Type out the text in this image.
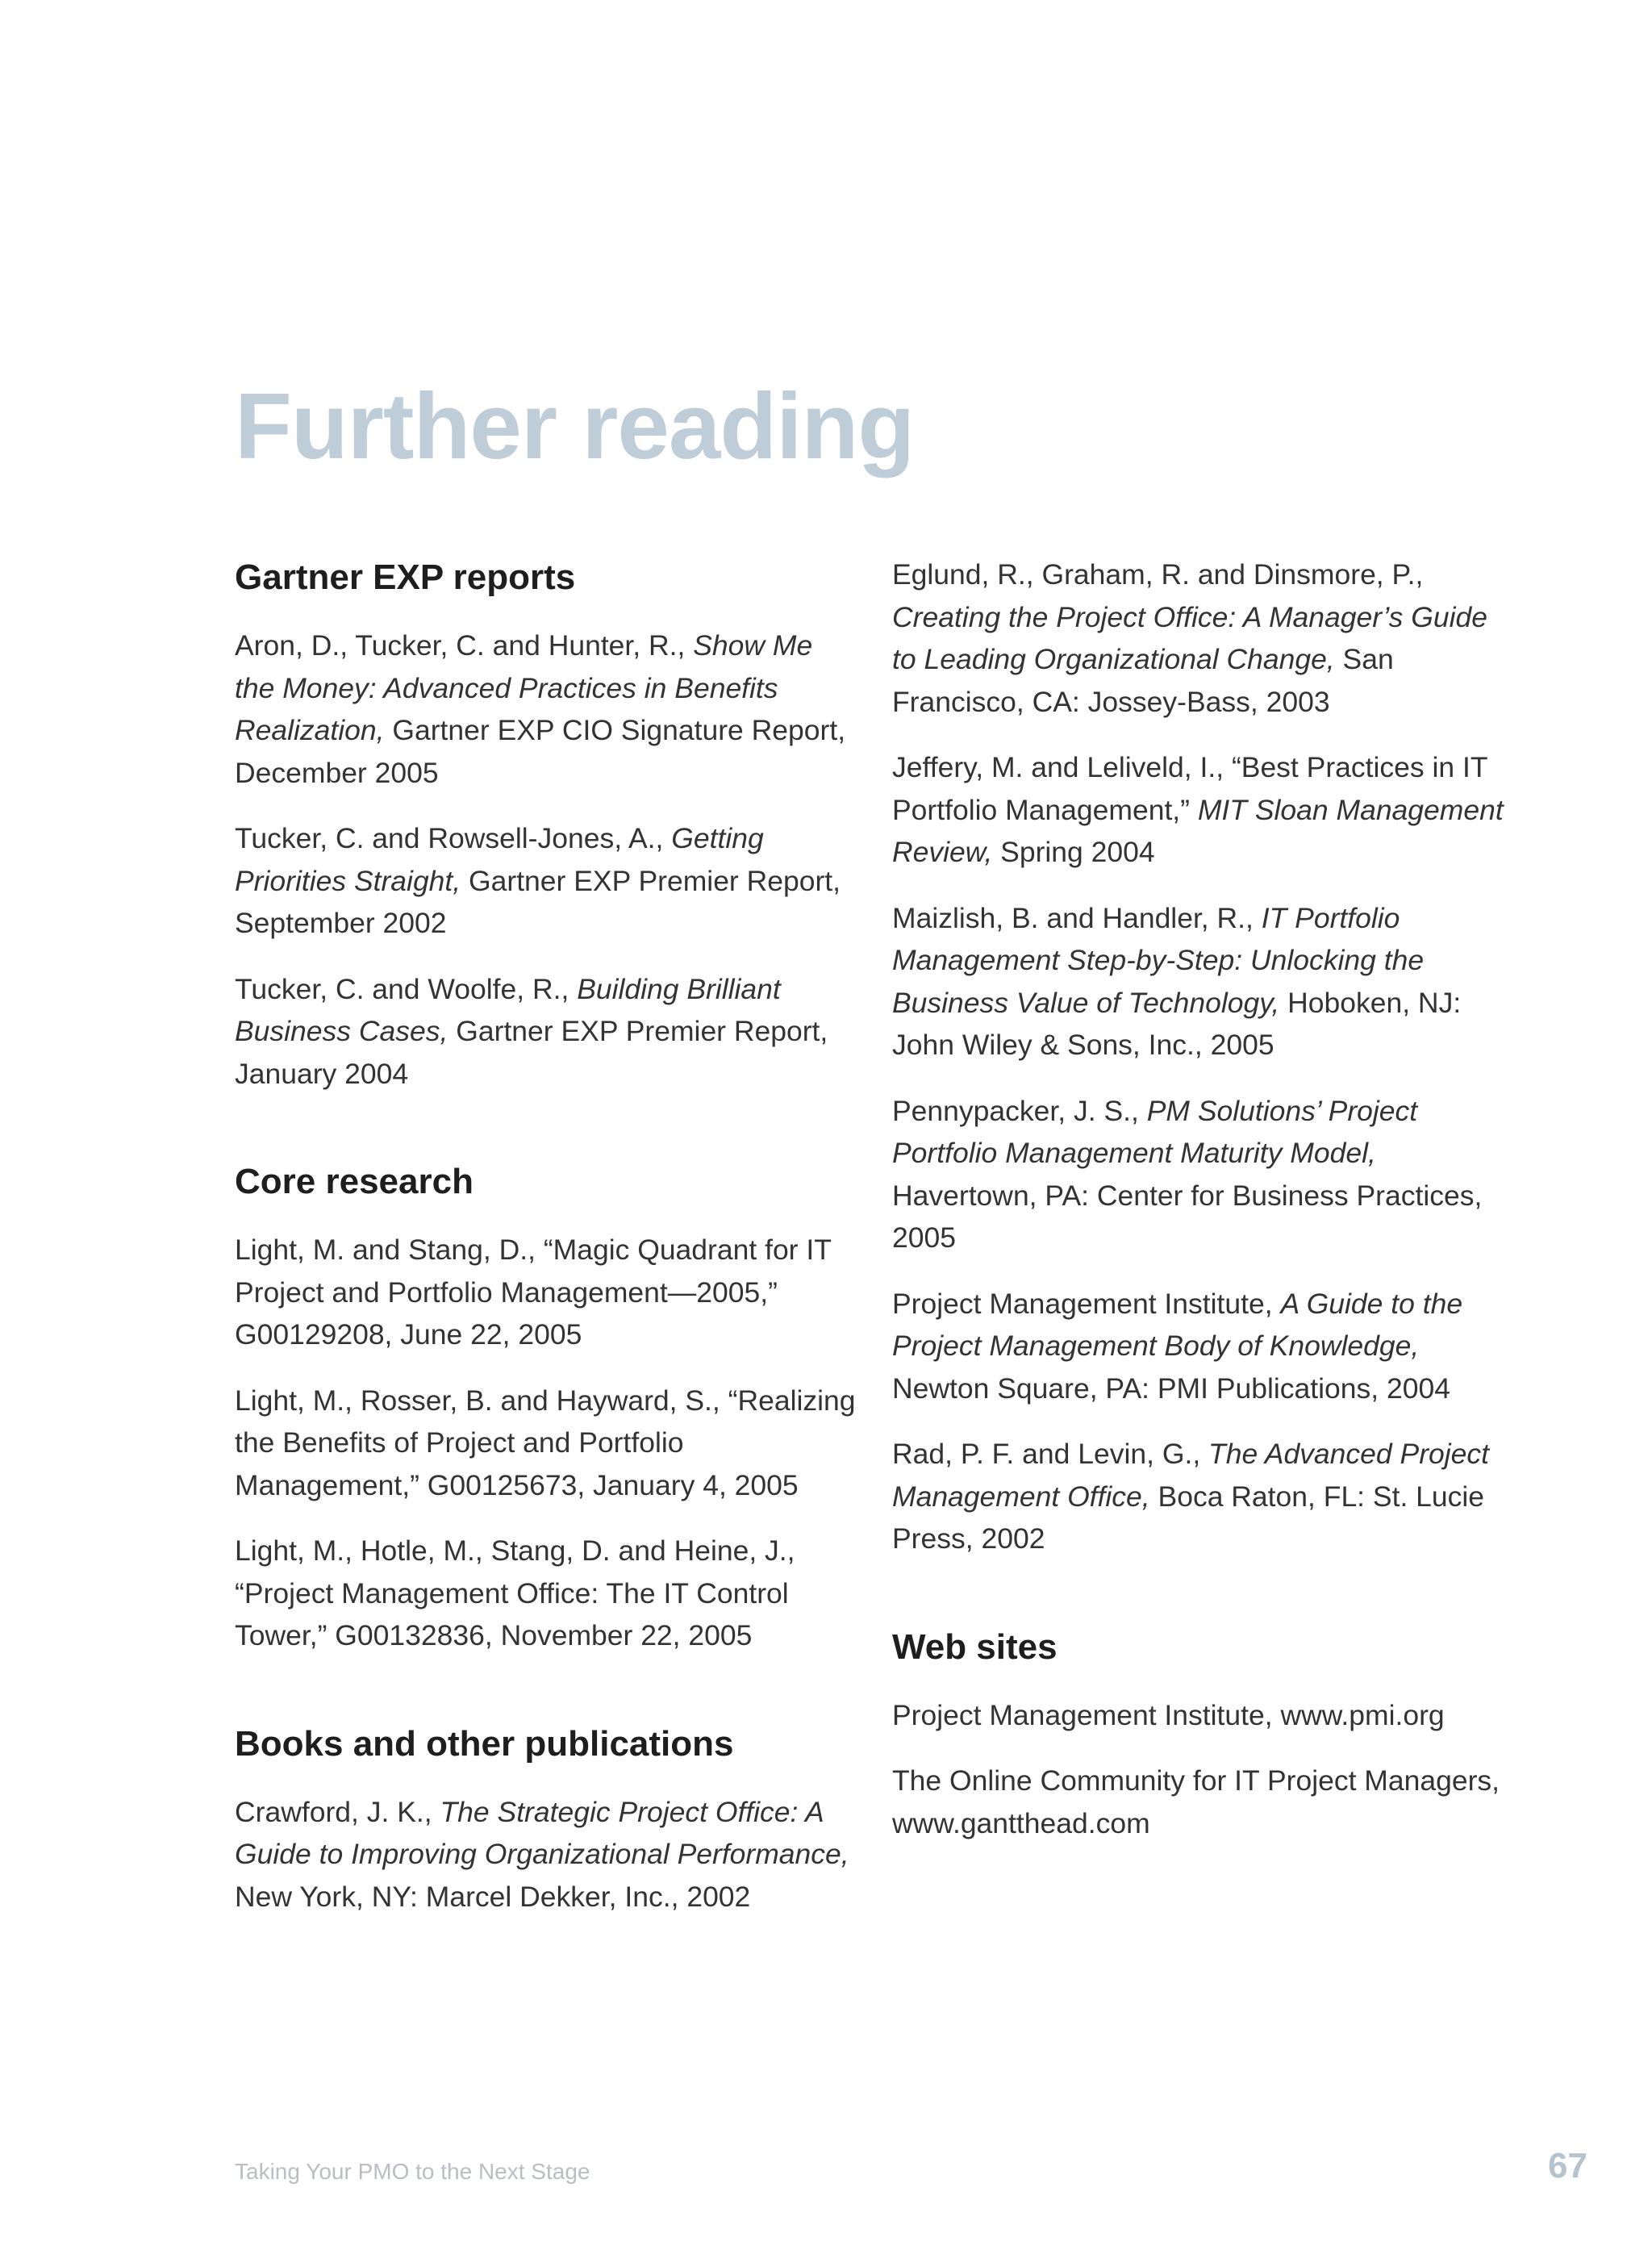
Further reading
Gartner EXP reports

Aron, D., Tucker, C. and Hunter, R., Show Me the Money: Advanced Practices in Benefits Realization, Gartner EXP CIO Signature Report, December 2005

Tucker, C. and Rowsell-Jones, A., Getting Priorities Straight, Gartner EXP Premier Report, September 2002

Tucker, C. and Woolfe, R., Building Brilliant Business Cases, Gartner EXP Premier Report, January 2004

Core research

Light, M. and Stang, D., “Magic Quadrant for IT Project and Portfolio Management—2005,” G00129208, June 22, 2005

Light, M., Rosser, B. and Hayward, S., “Realizing the Benefits of Project and Portfolio Management,” G00125673, January 4, 2005

Light, M., Hotle, M., Stang, D. and Heine, J., “Project Management Office: The IT Control Tower,” G00132836, November 22, 2005

Books and other publications

Crawford, J. K., The Strategic Project Office: A Guide to Improving Organizational Performance, New York, NY: Marcel Dekker, Inc., 2002

Eglund, R., Graham, R. and Dinsmore, P., Creating the Project Office: A Manager’s Guide to Leading Organizational Change, San Francisco, CA: Jossey-Bass, 2003

Jeffery, M. and Leliveld, I., “Best Practices in IT Portfolio Management,” MIT Sloan Management Review, Spring 2004

Maizlish, B. and Handler, R., IT Portfolio Management Step-by-Step: Unlocking the Business Value of Technology, Hoboken, NJ: John Wiley & Sons, Inc., 2005

Pennypacker, J. S., PM Solutions’ Project Portfolio Management Maturity Model, Havertown, PA: Center for Business Practices, 2005

Project Management Institute, A Guide to the Project Management Body of Knowledge, Newton Square, PA: PMI Publications, 2004

Rad, P. F. and Levin, G., The Advanced Project Management Office, Boca Raton, FL: St. Lucie Press, 2002

Web sites

Project Management Institute, www.pmi.org

The Online Community for IT Project Managers, www.gantthead.com

Taking Your PMO to the Next Stage	67
